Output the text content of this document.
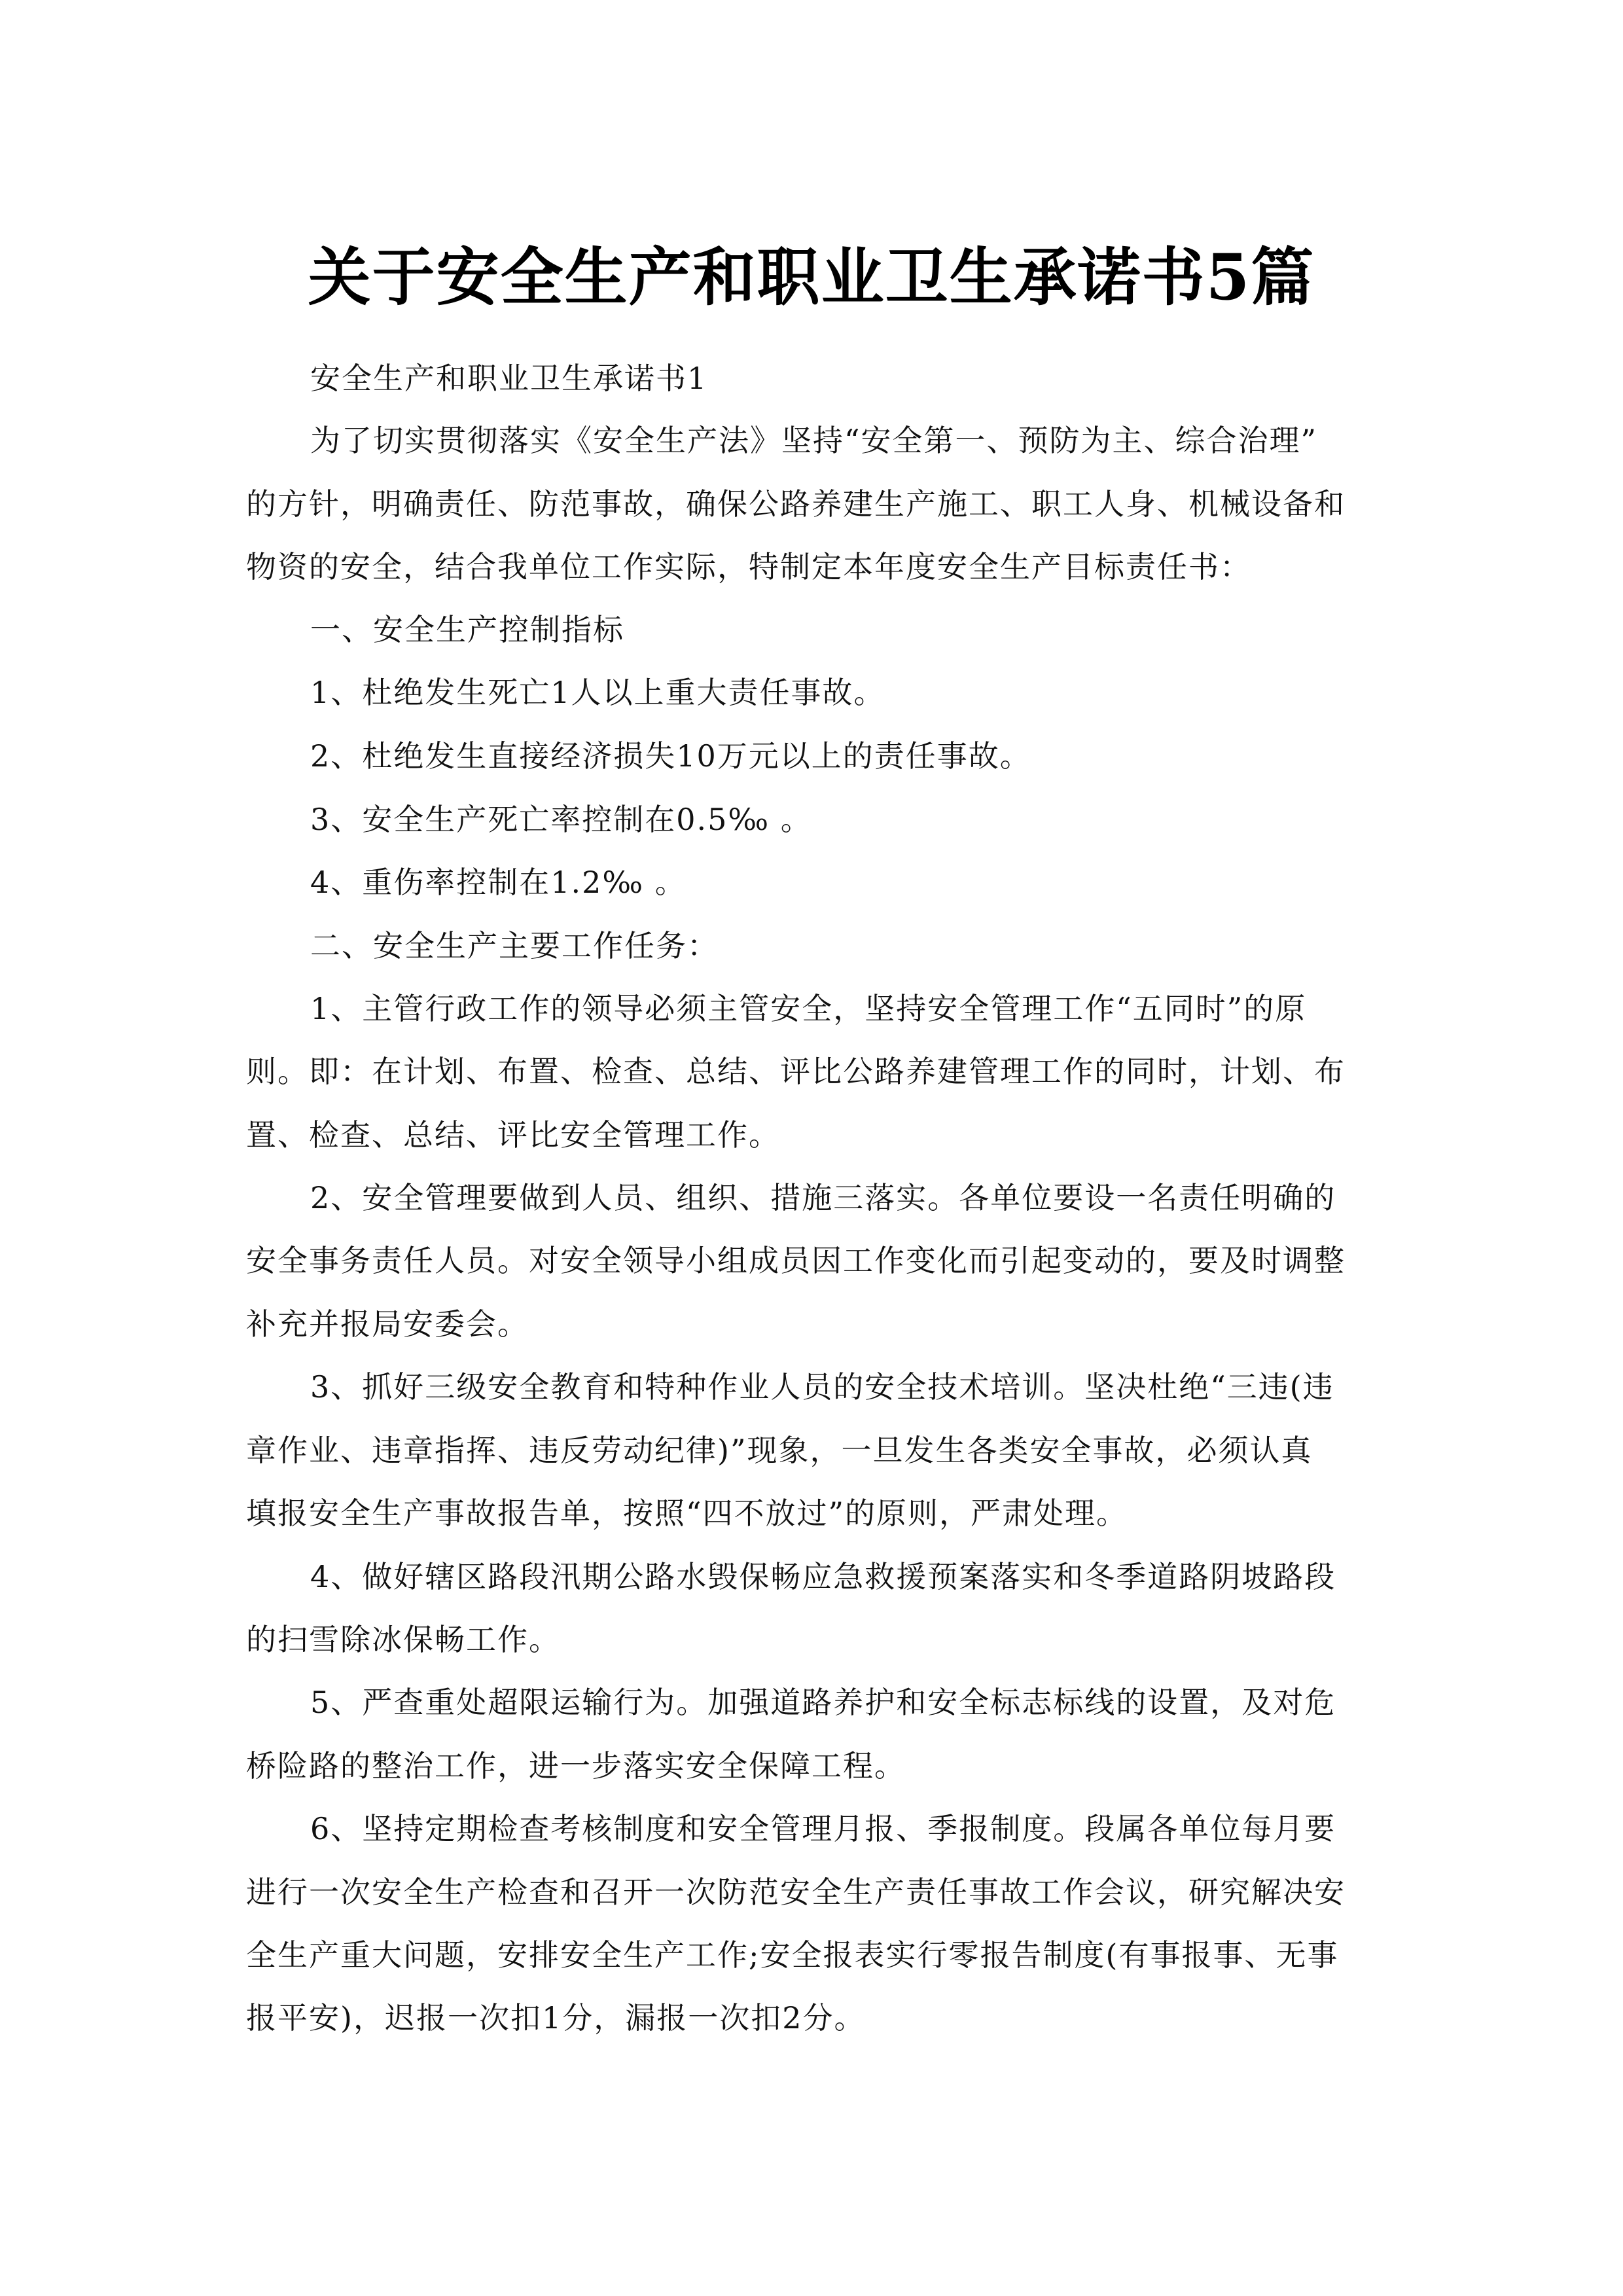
关于安全生产和职业卫生承诺书5篇
安全生产和职业卫生承诺书1
为了切实贯彻落实《安全生产法》坚持“安全第一、预防为主、综合治理”
的方针，明确责任、防范事故，确保公路养建生产施工、职工人身、机械设备和
物资的安全，结合我单位工作实际，特制定本年度安全生产目标责任书：
一、安全生产控制指标
1、杜绝发生死亡1人以上重大责任事故。
2、杜绝发生直接经济损失10万元以上的责任事故。
3、安全生产死亡率控制在0.5‰ 。
4、重伤率控制在1.2‰ 。
二、安全生产主要工作任务：
1、主管行政工作的领导必须主管安全，坚持安全管理工作“五同时”的原
则。即：在计划、布置、检查、总结、评比公路养建管理工作的同时，计划、布
置、检查、总结、评比安全管理工作。
2、安全管理要做到人员、组织、措施三落实。各单位要设一名责任明确的
安全事务责任人员。对安全领导小组成员因工作变化而引起变动的，要及时调整
补充并报局安委会。
3、抓好三级安全教育和特种作业人员的安全技术培训。坚决杜绝“三违(违
章作业、违章指挥、违反劳动纪律)”现象，一旦发生各类安全事故，必须认真
填报安全生产事故报告单，按照“四不放过”的原则，严肃处理。
4、做好辖区路段汛期公路水毁保畅应急救援预案落实和冬季道路阴坡路段
的扫雪除冰保畅工作。
5、严查重处超限运输行为。加强道路养护和安全标志标线的设置，及对危
桥险路的整治工作，进一步落实安全保障工程。
6、坚持定期检查考核制度和安全管理月报、季报制度。段属各单位每月要
进行一次安全生产检查和召开一次防范安全生产责任事故工作会议，研究解决安
全生产重大问题，安排安全生产工作;安全报表实行零报告制度(有事报事、无事
报平安)，迟报一次扣1分，漏报一次扣2分。
